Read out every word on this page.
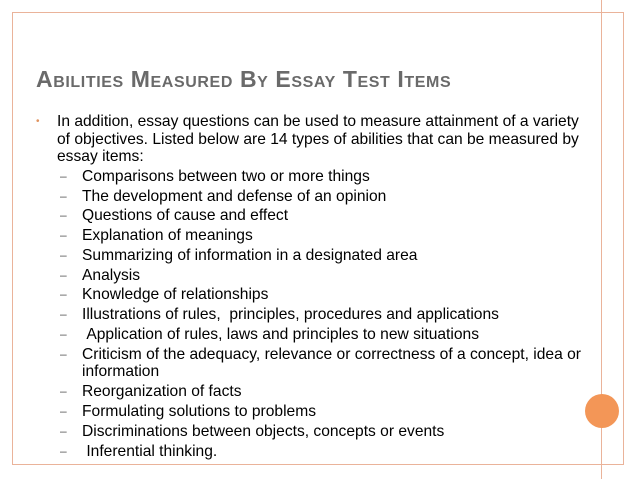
Abilities Measured By Essay Test Items
•	In addition, essay questions can be used to measure attainment of a variety of objectives. Listed below are 14 types of abilities that can be measured by essay items:
– Comparisons between two or more things
– The development and defense of an opinion
– Questions of cause and effect
– Explanation of meanings
– Summarizing of information in a designated area
– Analysis
– Knowledge of relationships
– Illustrations of rules,  principles, procedures and applications
– Application of rules, laws and principles to new situations
– Criticism of the adequacy, relevance or correctness of a concept, idea or information
– Reorganization of facts
– Formulating solutions to problems
– Discriminations between objects, concepts or events
– Inferential thinking.
